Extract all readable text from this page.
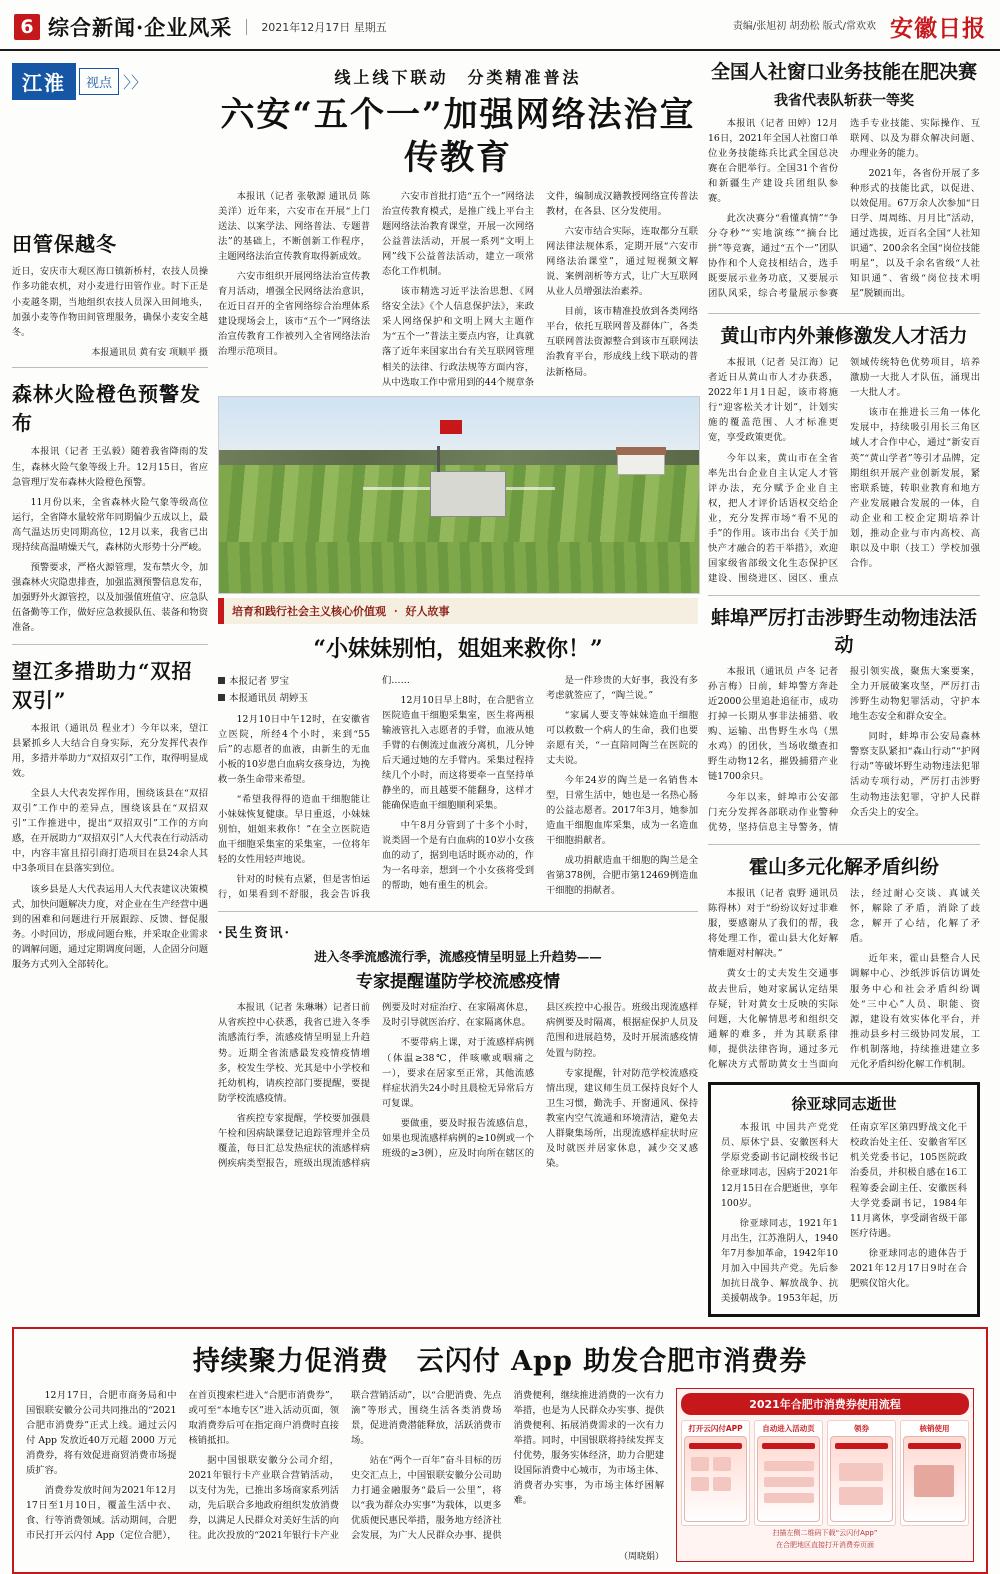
6 综合新闻·企业风采	2021年12月17日 星期五	责编/张旭初 胡劲松 版式/常欢欢 安徽日报
江淮	视点 〉〉
田管保越冬
近日，安庆市大观区海口镇新桥村，农技人员操作多功能农机，对小麦进行田管作业。时下正是小麦越冬期，当地组织农技人员深入田间地头，加强小麦等作物田间管理服务，确保小麦安全越冬。
本报通讯员 黄有安 项顺平 摄
森林火险橙色预警发布

本报讯（记者 王弘毅）随着我省降雨的发生，森林火险气象等级上升。12月15日，省应急管理厅发布森林火险橙色预警。

11月份以来，全省森林火险气象等级高位运行，全省降水量较常年同期偏少五成以上，最高气温达历史同期高位，12月以来，我省已出现持续高温晴燥天气，森林防火形势十分严峻。

预警要求，严格火源管理，发布禁火令，加强森林火灾隐患排查，加强监测预警信息发布，加强野外火源管控，以及加强值班值守、应急队伍备勤等工作，做好应急救援队伍、装备和物资准备。

望江多措助力“双招双引”

本报讯（通讯员 程业才）今年以来，望江县紧抓乡人大结合自身实际，充分发挥代表作用，多措并举助力“双招双引”工作，取得明显成效。

全县人大代表发挥作用，围绕该县在“双招双引”工作中的差异点，围绕该县在“双招双引”工作推进中，提出“双招双引”工作的方向感，在开展助力“双招双引”人大代表在行动活动中，内容丰富且招引商打造项目在县24余人其中3条项目在县落实到位。

该乡县是人大代表运用人大代表建议决策模式，加快问题解决力度，对企业在生产经营中遇到的困难和问题进行开展跟踪、反馈、督促服务。小时回访，形成问题台账，并采取企业需求的调解问题，通过定期调度问题，人企固分问题服务方式列入全部转化。

线上线下联动　分类精准普法
六安“五个一”加强网络法治宣传教育

本报讯（记者 张敬源 通讯员 陈美洋）近年来，六安市在开展“上门送法、以案学法、网络普法、专题普法”的基础上，不断创新工作程序，主题网络法治宣传教育取得新成效。

六安市组织开展网络法治宣传教育月活动，增强全民网络法治意识，在近日召开的全省网络综合治理体系建设现场会上，该市“五个一”网络法治宣传教育工作被列入全省网络法治治理示范项目。

六安市首批打造“五个一”网络法治宣传教育模式，是推广线上平台主题网络法治教育课堂，开展一次网络公益普法活动，开展一系列“文明上网”线下公益普法活动，建立一项常态化工作机制。

该市精选习近平法治思想、《网络安全法》《个人信息保护法》，来政采人网络保护和文明上网大主题作为“五个一”普法主要点内容，让真就落了近年来国家出台有关互联网管理相关的法律、行政法规等方面内容，从中选取工作中常用到的44个规章条文件，编制成汉籍教授网络宣传普法教材，在各县、区分发使用。

六安市结合实际，连取都分互联网法律法规体系，定期开展“六安市网络法治课堂”，通过短视频文解说、案例剖析等方式，让广大互联网从业人员增强法治素养。

目前，该市精准投放到各类网络平台，依托互联网普及群体广，各类互联网普法资源整合到该市互联网法治教育平台，形成线上线下联动的普法新格局。

培育和践行社会主义核心价值观 · 好人故事
“小妹妹别怕，姐姐来救你！”
本报记者 罗宝
本报通讯员 胡婷玉

12月10日中午12时，在安徽省立医院，所经4个小时，来到“55后”的志愿者的血液，由新生的无血小板的10岁患白血病女孩身边，为挽救一条生命带来希望。

“希望我得得的造血干细胞能让小妹妹恢复健康。早日重返，小妹妹别怕，姐姐来救你！”在全立医院造血干细胞采集室的采集室，一位将年轻的女性用轻声地说。

针对的时候有点紧，但是害怕运行，如果看到不舒服，我会告诉我们……

12月10日早上8时，在合肥省立医院造血干细胞采集室，医生将两根输液管扎入志愿者的手臂，血液从她手臂的右侧流过血液分离机，几分钟后天通过她的左手臂内。采集过程持续几个小时，而这将要牵一直坚持单静坐的，而且越要不能翻身，这样才能确保造血干细胞顺利采集。

中午8月分管到了十多个小时，说类固一个是有白血病的10岁小女孩血的动了，据到电话时既亦动的，作为一名母亲，想到一个小女孩将受到的帮助，她有重生的机会。

是一件珍贵的大好事，我没有多考虑就签应了，“陶兰说。”

“家属人要支等妹妹造血干细胞可以救数一个病人的生命，我们也要亲愿有关，“一直陪同陶兰在医院的丈夫说。

今年24岁的陶兰是一名销售本型，日常生活中，她也是一名热心肠的公益志愿者。2017年3月，她参加造血干细胞血库采集，成为一名造血干细胞捐献者。

成功捐献造血干细胞的陶兰是全省第378例，合肥市第12469例造血干细胞的捐献者。

·民生资讯·
进入冬季流感流行季，流感疫情呈明显上升趋势——
专家提醒谨防学校流感疫情

本报讯（记者 朱琳琳）记者日前从省疾控中心获悉，我省已进入冬季流感流行季，流感疫情呈明显上升趋势。近期全省流感最发疫情疫情增多，校发生学校、光其是中小学校和托幼机构，请疾控部门要提醒，要提防学校流感疫情。

省疾控专家提醒，学校要加强晨午检和因病缺课登记追踪管理并全员覆盖，每日汇总发热症状的流感样病例疾病类型报告，班级出现流感样病例要及时对症治疗、在家隔离休息，及时引导就医治疗、在家隔离休息。

不要带病上课，对于流感样病例（体温≥38℃，伴咳嗽或咽痛之一），要求在居家至正常，其他流感样症状消失24小时且晨检无异常后方可复课。

要做重，要及时报告流感信息，如果也现流感样病例的≥10例或一个班级的≥3例），应及时向所在辖区的县区疾控中心报告。班级出现流感样病例要及时隔离，根据症保护人员及范围和进展趋势，及时开展流感疫情处置与防控。

专家提醒，针对防范学校流感疫情出现，建议师生员工保持良好个人卫生习惯，勤洗手、开窗通风、保持教室内空气流通和环境清洁，避免去人群聚集场所，出现流感样症状时应及时就医并居家休息，减少交叉感染。

全国人社窗口业务技能在肥决赛
我省代表队斩获一等奖

本报讯（记者 田婷）12月16日，2021年全国人社窗口单位业务技能练兵比武全国总决赛在合肥举行。全国31个省份和新疆生产建设兵团组队参赛。

此次决赛分“看懂真情”“争分夺秒”“实地演练”“摘台比拼”等竞赛，通过“五个一”团队协作和个人竞技相结合，选手既要展示业务功底，又要展示团队风采，综合考量展示参赛选手专业技能、实际操作、互联网、以及为群众解决问题、办理业务的能力。

2021年，各省份开展了多种形式的技能比武，以促进、以效促用。67万余人次参加“日日学、周周练、月月比”活动，通过选拔，近百名全国“人社知识通”、200余名全国“岗位技能明星”，以及千余名省级“人社知识通”、省级“岗位技术明星”脱颖而出。

黄山市内外兼修激发人才活力

本报讯（记者 吴江海）记者近日从黄山市人才办获悉，2022年1月1日起，该市将施行“迎客松关才计划”，计划实施的覆盖范围、人才标准更宽，享受政策更优。

今年以来，黄山市在全省率先出台企业自主认定人才管评办法，充分赋予企业自主权，把人才评价话语权交给企业，充分发挥市场“看不见的手”的作用。该市出台《关于加快产才融合的若干举措》，欢迎国家级省部级文化生态保护区建设、围绕进区、园区、重点领域传统特色优势项目，培养激励一大批人才队伍，涌现出一大批人才。

该市在推进长三角一体化发展中，持续吸引用长三角区域人才合作中心，通过“新安百英”“黄山学者”等引才品牌，定期组织开展产业创新发展，紧密联系链，转职业教育和地方产业发展融合发展的一体，自动企业和工校企定期培养计划，推动企业与市内高校、高职以及中职（技工）学校加强合作。

蚌埠严厉打击涉野生动物违法活动

本报讯（通讯员 卢冬 记者 孙言梅）日前，蚌埠警方奔赴近2000公里追赴追征市，成功打掉一长期从事非法捕猎、收购、运输、出售野生水鸟（黑水鸡）的团伙，当场收缴查扣野生动物12名，摧毁捕猎产业链1700余只。

今年以来，蚌埠市公安部门充分发挥各部联动作业警种优势，坚持信息主导警务，情报引领实战，聚焦大案要案，全力开展破案攻坚，严厉打击涉野生动物犯罪活动，守护本地生态安全和群众安全。

同时，蚌埠市公安局森林警察支队紧扣“森山行动”“护网行动”等破坏野生动物违法犯罪活动专项行动，严厉打击涉野生动物违法犯罪，守护人民群众舌尖上的安全。

霍山多元化解矛盾纠纷

本报讯（记者 袁野 通讯员 陈得林）对于“纷纷议好过非难服，要感谢从了我们的帮，我将处理工作，霍山县大化好解情难题对村解决。”

黄女士的丈夫发生交通事故去世后，她对家属认定结果存疑，针对黄女士反映的实际问题，大化解情思考和组织交通解的难多，并为其联系律师，提供法律咨询，通过多元化解决方式帮助黄女士当面向法，经过耐心交谈、真诚关怀，解除了矛盾，消除了歧念，解开了心结，化解了矛盾。

近年来，霍山县整合人民调解中心、沙纸涉诉信访调处服务中心和社会矛盾纠纷调处“三中心”人员、职能、资源，建设有效实体化平台，并推动县乡村三级协同发展，工作机制落地，持续推进建立多元化矛盾纠纷化解工作机制。

徐亚球同志逝世

本报讯 中国共产党党员、原休宁县、安徽医科大学原党委副书记副校级书记徐亚球同志，因病于2021年12月15日在合肥逝世，享年100岁。

徐亚球同志，1921年1月出生，江苏淮阴人，1940年7月参加革命，1942年10月加入中国共产党。先后参加抗日战争、解放战争、抗美援朝战争。1953年起，历任南京军区第四野战文化干校政治处主任、安徽省军区机关党委书记，105医院政治委员，并积极自感在16工程筹委会副主任、安徽医科大学党委副书记，1984年11月离休，享受副省级干部医疗待遇。

徐亚球同志的遗体告于2021年12月17日9时在合肥殡仪馆火化。

持续聚力促消费　云闪付 App 助发合肥市消费券

12月17日，合肥市商务局和中国银联安徽分公司共同推出的“2021合肥市消费券”正式上线。通过云闪付 App 发放近40万元超 2000 万元消费券，将有效促进商贸消费市场提质扩容。

消费券发放时间为2021年12月17日至1月10日，覆盖生活中衣、食、行等消费领域。活动期间，合肥市民打开云闪付 App（定位合肥），在首页搜索栏进入“合肥市消费券”，或可至“本地专区”进入活动页面，领取消费券后可在指定商户消费时直接核销抵扣。

据中国银联安徽分公司介绍，2021年银行卡产业联合营销活动，以支付为先，已推出多场商家系列活动，先后联合多地政府组织发放消费券，以满足人民群众对美好生活的向往。此次投放的“2021年银行卡产业联合营销活动”，以“合肥消费、先点滴”等形式，围绕生活各类消费场景，促进消费潜能释放，活跃消费市场。

站在“两个一百年”奋斗目标的历史交汇点上，中国银联安徽分公司助力打通金融服务“最后一公里”，将以“我为群众办实事”为载体，以更多优质便民惠民举措，服务地方经济社会发展，为广大人民群众办事、提供消费便利，继续推进消费的一次有力举措，也是为人民群众办实事、提供消费便利、拓展消费需求的一次有力举措。同时，中国银联将持续发挥支付优势，服务实体经济，助力合肥建设国际消费中心城市，为市场主体、消费者办实事，为市场主体纾困解难。

（周晓娟）
2021年合肥市消费券使用流程
打开云闪付APP	自动进入活动页	领券	核销使用
扫描左侧二维码下载“云闪付App”
在合肥地区直接打开消费券页面
